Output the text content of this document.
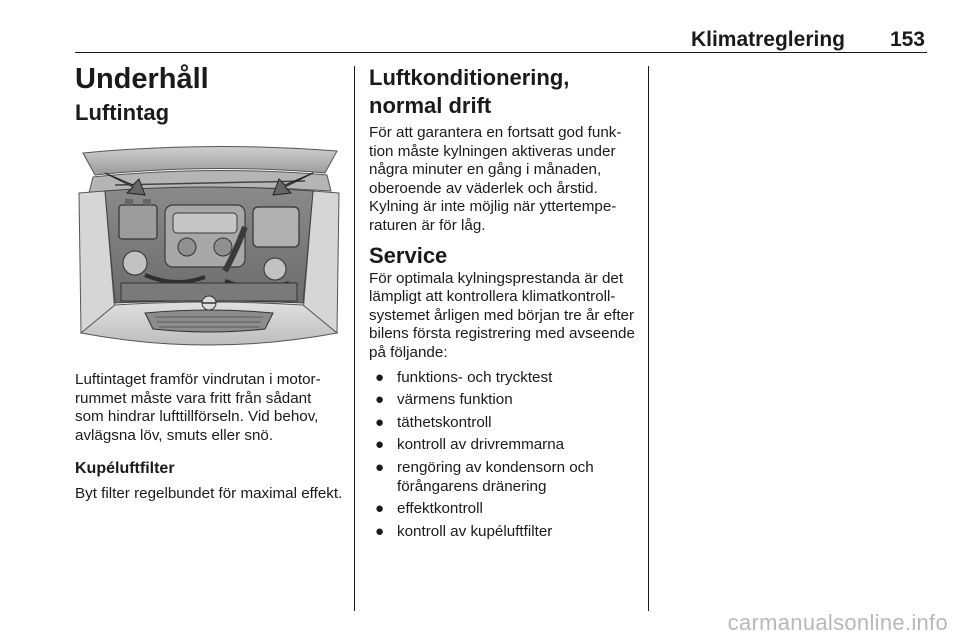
Klimatreglering 153
Underhåll
Luftintag

Luftintaget framför vindrutan i motorrummet måste vara fritt från sådant som hindrar lufttillförseln. Vid behov, avlägsna löv, smuts eller snö.

Kupéluftfilter

Byt filter regelbundet för maximal effekt.

Luftkonditionering, normal drift

För att garantera en fortsatt god funktion måste kylningen aktiveras under några minuter en gång i månaden, oberoende av väderlek och årstid. Kylning är inte möjlig när yttertemperaturen är för låg.

Service

För optimala kylningsprestanda är det lämpligt att kontrollera klimatkontrollsystemet årligen med början tre år efter bilens första registrering med avseende på följande:

● funktions- och trycktest
● värmens funktion
● täthetskontroll
● kontroll av drivremmarna
● rengöring av kondensorn och förångarens dränering
● effektkontroll
● kontroll av kupéluftfilter
carmanualsonline.info
